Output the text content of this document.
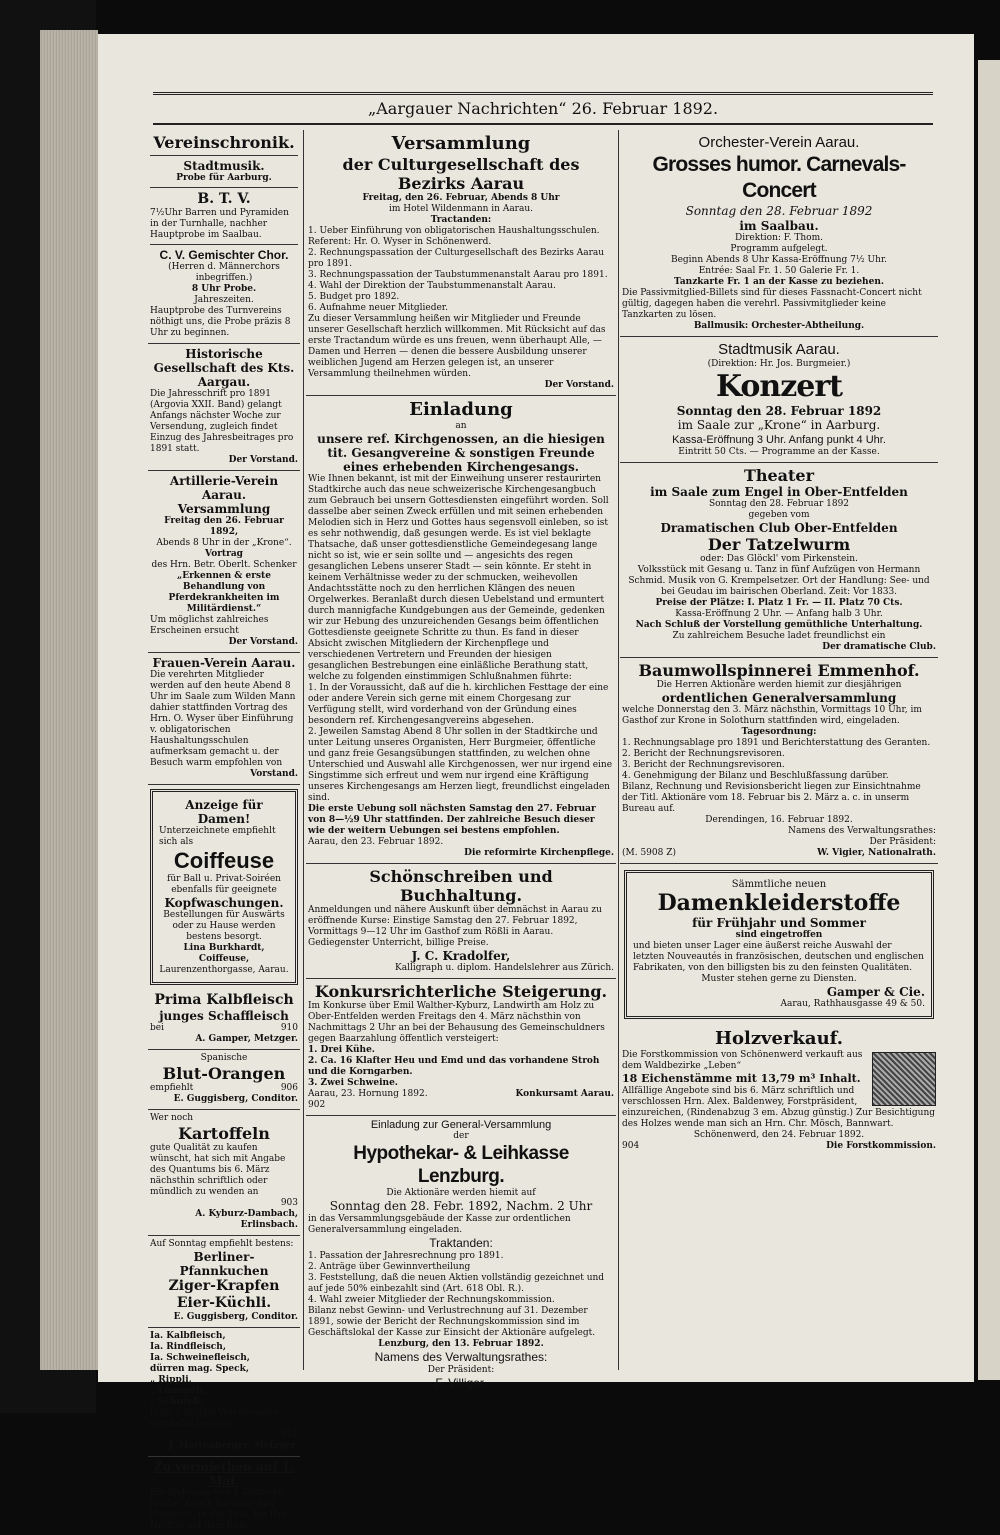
„Aargauer Nachrichten“ 26. Februar 1892.
Vereinschronik.
Stadtmusik.

Probe für Aarburg.

B. T. V.

7½Uhr Barren und Pyramiden in der Turnhalle, nachher Hauptprobe im Saalbau.

C. V. Gemischter Chor.

(Herren d. Männerchors inbegriffen.)

8 Uhr Probe.

Jahreszeiten.

Hauptprobe des Turnvereins nöthigt uns, die Probe präzis 8 Uhr zu beginnen.

Historische Gesellschaft des Kts. Aargau.

Die Jahresschrift pro 1891 (Argovia XXII. Band) gelangt Anfangs nächster Woche zur Versendung, zugleich findet Einzug des Jahresbeitrages pro 1891 statt.

Der Vorstand.

Artillerie-Verein Aarau.
Versammlung

Freitag den 26. Februar 1892,

Abends 8 Uhr in der „Krone“.

Vortrag

des Hrn. Betr. Oberlt. Schenker

„Erkennen & erste Behandlung von Pferdekrankheiten im Militärdienst.“

Um möglichst zahlreiches Erscheinen ersucht

Der Vorstand.

Frauen-Verein Aarau.

Die verehrten Mitglieder werden auf den heute Abend 8 Uhr im Saale zum Wilden Mann dahier stattfinden Vortrag des Hrn. O. Wyser über Einführung v. obligatorischen Haushaltungsschulen aufmerksam gemacht u. der Besuch warm empfohlen von

Vorstand.

Anzeige für Damen!

Unterzeichnete empfiehlt sich als

Coiffeuse

für Ball u. Privat-Soiréen

ebenfalls für geeignete

Kopfwaschungen.

Bestellungen für Auswärts oder zu Hause werden bestens besorgt.

Lina Burkhardt, Coiffeuse,

Laurenzenthorgasse, Aarau.

Prima Kalbfleisch
junges Schaffleisch
bei	910

A. Gamper, Metzger.

Spanische

Blut-Orangen
empfiehlt	906

E. Guggisberg, Conditor.

Wer noch

Kartoffeln

gute Qualität zu kaufen wünscht, hat sich mit Angabe des Quantums bis 6. März nächsthin schriftlich oder mündlich zu wenden an

903

A. Kyburz-Dambach, Erlinsbach.

Auf Sonntag empfiehlt bestens:

Berliner-Pfannkuchen
Ziger-Krapfen
Eier-Küchli.

E. Guggisberg, Conditor.

Ia. Kalbfleisch,

Ia. Rindfleisch,

Ia. Schweinefleisch,

dürren mag. Speck,

„ Rippli,

„ Lümmeli,

„ Schüfeli,

täglich frische Wurstwaaren empfiehlt bestens

911

J. Mattenberger, Metzger.

Zu vermiethen auf 1. Mai.

Ein Wohnung von 4 Zimmern, Küche, Keller, Kammer und Holzhaus, in der Telli, bei Hrn. Nr. 858 auf dem Rain.

Versammlung
der Culturgesellschaft des Bezirks Aarau

Freitag, den 26. Februar, Abends 8 Uhr

im Hotel Wildenmann in Aarau.

Tractanden:

1. Ueber Einführung von obligatorischen Haushaltungsschulen. Referent: Hr. O. Wyser in Schönenwerd.

2. Rechnungspassation der Culturgesellschaft des Bezirks Aarau pro 1891.

3. Rechnungspassation der Taubstummenanstalt Aarau pro 1891.

4. Wahl der Direktion der Taubstummenanstalt Aarau.

5. Budget pro 1892.

6. Aufnahme neuer Mitglieder.

Zu dieser Versammlung heißen wir Mitglieder und Freunde unserer Gesellschaft herzlich willkommen. Mit Rücksicht auf das erste Tractandum würde es uns freuen, wenn überhaupt Alle, — Damen und Herren — denen die bessere Ausbildung unserer weiblichen Jugend am Herzen gelegen ist, an unserer Versammlung theilnehmen würden.

Der Vorstand.

Einladung

an

unsere ref. Kirchgenossen, an die hiesigen tit. Gesangvereine & sonstigen Freunde eines erhebenden Kirchengesangs.

Wie Ihnen bekannt, ist mit der Einweihung unserer restaurirten Stadtkirche auch das neue schweizerische Kirchengesangbuch zum Gebrauch bei unsern Gottesdiensten eingeführt worden. Soll dasselbe aber seinen Zweck erfüllen und mit seinen erhebenden Melodien sich in Herz und Gottes haus segensvoll einleben, so ist es sehr nothwendig, daß gesungen werde. Es ist viel beklagte Thatsache, daß unser gottesdienstliche Gemeindegesang lange nicht so ist, wie er sein sollte und — angesichts des regen gesanglichen Lebens unserer Stadt — sein könnte. Er steht in keinem Verhältnisse weder zu der schmucken, weihevollen Andachtsstätte noch zu den herrlichen Klängen des neuen Orgelwerkes. Beranlaßt durch diesen Uebelstand und ermuntert durch mannigfache Kundgebungen aus der Gemeinde, gedenken wir zur Hebung des unzureichenden Gesangs beim öffentlichen Gottesdienste geeignete Schritte zu thun. Es fand in dieser Absicht zwischen Mitgliedern der Kirchenpflege und verschiedenen Vertretern und Freunden der hiesigen gesanglichen Bestrebungen eine einläßliche Berathung statt, welche zu folgenden einstimmigen Schlußnahmen führte:

1. In der Voraussicht, daß auf die h. kirchlichen Festtage der eine oder andere Verein sich gerne mit einem Chorgesang zur Verfügung stellt, wird vorderhand von der Gründung eines besondern ref. Kirchengesangvereins abgesehen.

2. Jeweilen Samstag Abend 8 Uhr sollen in der Stadtkirche und unter Leitung unseres Organisten, Herr Burgmeier, öffentliche und ganz freie Gesangsübungen stattfinden, zu welchen ohne Unterschied und Auswahl alle Kirchgenossen, wer nur irgend eine Singstimme sich erfreut und wem nur irgend eine Kräftigung unseres Kirchengesangs am Herzen liegt, freundlichst eingeladen sind.

Die erste Uebung soll nächsten Samstag den 27. Februar von 8—½9 Uhr stattfinden. Der zahlreiche Besuch dieser wie der weitern Uebungen sei bestens empfohlen.

Aarau, den 23. Februar 1892.

Die reformirte Kirchenpflege.

Schönschreiben und Buchhaltung.

Anmeldungen und nähere Auskunft über demnächst in Aarau zu eröffnende Kurse: Einstige Samstag den 27. Februar 1892, Vormittags 9—12 Uhr im Gasthof zum Rößli in Aarau. Gediegenster Unterricht, billige Preise.

J. C. Kradolfer,

Kalligraph u. diplom. Handelslehrer aus Zürich.

Konkursrichterliche Steigerung.

Im Konkurse über Emil Walther-Kyburz, Landwirth am Holz zu Ober-Entfelden werden Freitags den 4. März nächsthin von Nachmittags 2 Uhr an bei der Behausung des Gemeinschuldners gegen Baarzahlung öffentlich versteigert:

1. Drei Kühe.

2. Ca. 16 Klafter Heu und Emd und das vorhandene Stroh und die Korngarben.

3. Zwei Schweine.

Aarau, 23. Hornung 1892.	Konkursamt Aarau.

902

Einladung zur General-Versammlung

der

Hypothekar- & Leihkasse Lenzburg.

Die Aktionäre werden hiemit auf

Sonntag den 28. Febr. 1892, Nachm. 2 Uhr

in das Versammlungsgebäude der Kasse zur ordentlichen Generalversammlung eingeladen.

Traktanden:

1. Passation der Jahresrechnung pro 1891.

2. Anträge über Gewinnvertheilung

3. Feststellung, daß die neuen Aktien vollständig gezeichnet und auf jede 50% einbezahlt sind (Art. 618 Obl. R.).

4. Wahl zweier Mitglieder der Rechnungskommission.

Bilanz nebst Gewinn- und Verlustrechnung auf 31. Dezember 1891, sowie der Bericht der Rechnungskommission sind im Geschäftslokal der Kasse zur Einsicht der Aktionäre aufgelegt.

Lenzburg, den 13. Februar 1892.

Namens des Verwaltungsrathes:

Der Präsident:

F. Villiger.
Orchester-Verein Aarau.
Grosses humor. Carnevals-Concert
Sonntag den 28. Februar 1892
im Saalbau.

Direktion: F. Thom.

Programm aufgelegt.

Beginn Abends 8 Uhr Kassa-Eröffnung 7½ Uhr.

Entrée: Saal Fr. 1. 50 Galerie Fr. 1.

Tanzkarte Fr. 1 an der Kasse zu beziehen.

Die Passivmitglied-Billets sind für dieses Fassnacht-Concert nicht gültig, dagegen haben die verehrl. Passivmitglieder keine Tanzkarten zu lösen.

Ballmusik: Orchester-Abtheilung.

Stadtmusik Aarau.

(Direktion: Hr. Jos. Burgmeier.)

Konzert
Sonntag den 28. Februar 1892
im Saale zur „Krone“ in Aarburg.
Kassa-Eröffnung 3 Uhr. Anfang punkt 4 Uhr.

Eintritt 50 Cts. — Programme an der Kasse.

Theater
im Saale zum Engel in Ober-Entfelden

Sonntag den 28. Februar 1892

gegeben vom

Dramatischen Club Ober-Entfelden
Der Tatzelwurm

oder: Das Glöckl' vom Pirkenstein.

Volksstück mit Gesang u. Tanz in fünf Aufzügen von Hermann Schmid. Musik von G. Krempelsetzer. Ort der Handlung: See- und bei Geudau im bairischen Oberland. Zeit: Vor 1833.

Preise der Plätze: I. Platz 1 Fr. — II. Platz 70 Cts.

Kassa-Eröffnung 2 Uhr. — Anfang halb 3 Uhr.

Nach Schluß der Vorstellung gemüthliche Unterhaltung.

Zu zahlreichem Besuche ladet freundlichst ein

Der dramatische Club.

Baumwollspinnerei Emmenhof.

Die Herren Aktionäre werden hiemit zur diesjährigen

ordentlichen Generalversammlung

welche Donnerstag den 3. März nächsthin, Vormittags 10 Uhr, im Gasthof zur Krone in Solothurn stattfinden wird, eingeladen.

Tagesordnung:

1. Rechnungsablage pro 1891 und Berichterstattung des Geranten.

2. Bericht der Rechnungsrevisoren.

3. Bericht der Rechnungsrevisoren.

4. Genehmigung der Bilanz und Beschlußfassung darüber.

Bilanz, Rechnung und Revisionsbericht liegen zur Einsichtnahme der Titl. Aktionäre vom 18. Februar bis 2. März a. c. in unserm Bureau auf.

Derendingen, 16. Februar 1892.

Namens des Verwaltungsrathes:

Der Präsident:

(M. 5908 Z)	W. Vigier, Nationalrath.

Sämmtliche neuen

Damenkleiderstoffe
für Frühjahr und Sommer

sind eingetroffen

und bieten unser Lager eine äußerst reiche Auswahl der letzten Nouveautés in französischen, deutschen und englischen Fabrikaten, von den billigsten bis zu den feinsten Qualitäten.

Muster stehen gerne zu Diensten.

Gamper & Cie.

Aarau, Rathhausgasse 49 & 50.

Holzverkauf.

Die Forstkommission von Schönenwerd verkauft aus dem Waldbezirke „Leben“

18 Eichenstämme mit 13,79 m³ Inhalt.

Allfällige Angebote sind bis 6. März schriftlich und verschlossen Hrn. Alex. Baldenwey, Forstpräsident, einzureichen, (Rindenabzug 3 em. Abzug günstig.) Zur Besichtigung des Holzes wende man sich an Hrn. Chr. Mösch, Bannwart.

Schönenwerd, den 24. Februar 1892.

904	Die Forstkommission.
